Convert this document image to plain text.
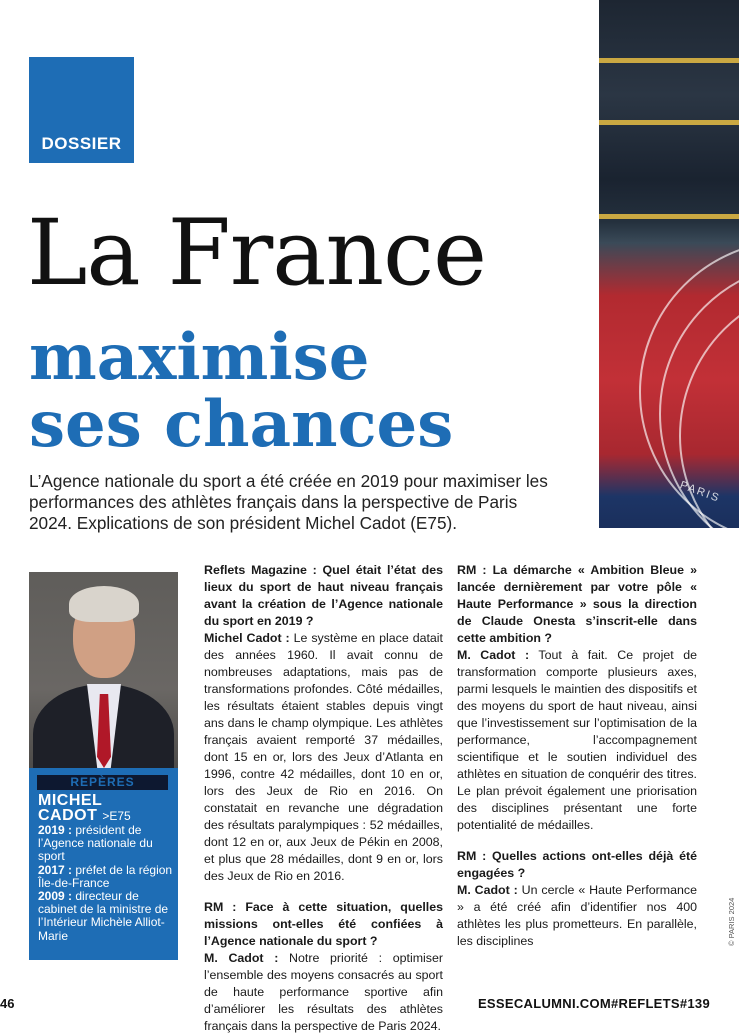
DOSSIER
PARIS
La France
maximise
ses chances
L’Agence nationale du sport a été créée en 2019 pour maximiser les performances des athlètes français dans la perspective de Paris 2024. Explications de son président Michel Cadot (E75).
REPÈRES
MICHEL
CADOT >E75
2019 : président de l’Agence nationale du sport
2017 : préfet de la région Île-de-France
2009 : directeur de cabinet de la ministre de l’Intérieur Michèle Alliot-Marie

Reflets Magazine : Quel était l’état des lieux du sport de haut niveau français avant la création de l’Agence nationale du sport en 2019 ?

Michel Cadot : Le système en place datait des années 1960. Il avait connu de nombreuses adaptations, mais pas de transformations profondes. Côté médailles, les résultats étaient stables depuis vingt ans dans le champ olympique. Les athlètes français avaient remporté 37 médailles, dont 15 en or, lors des Jeux d’Atlanta en 1996, contre 42 médailles, dont 10 en or, lors des Jeux de Rio en 2016. On constatait en revanche une dégradation des résultats paralympiques : 52 médailles, dont 12 en or, aux Jeux de Pékin en 2008, et plus que 28 médailles, dont 9 en or, lors des Jeux de Rio en 2016.

RM : Face à cette situation, quelles missions ont-elles été confiées à l’Agence nationale du sport ?

M. Cadot : Notre priorité : optimiser l’ensemble des moyens consacrés au sport de haute performance sportive afin d’améliorer les résultats des athlètes français dans la perspective de Paris 2024.

RM : La démarche « Ambition Bleue » lancée dernièrement par votre pôle « Haute Performance » sous la direction de Claude Onesta s’inscrit-elle dans cette ambition ?

M. Cadot : Tout à fait. Ce projet de transformation comporte plusieurs axes, parmi lesquels le maintien des dispositifs et des moyens du sport de haut niveau, ainsi que l’investissement sur l’optimisation de la performance, l’accompagnement scientifique et le soutien individuel des athlètes en situation de conquérir des titres. Le plan prévoit également une priorisation des disciplines présentant une forte potentialité de médailles.

RM : Quelles actions ont-elles déjà été engagées ?

M. Cadot : Un cercle « Haute Performance » a été créé afin d’identifier nos 400 athlètes les plus prometteurs. En parallèle, les disciplines	© PARIS 2024
46	ESSECALUMNI.COM#REFLETS#139
